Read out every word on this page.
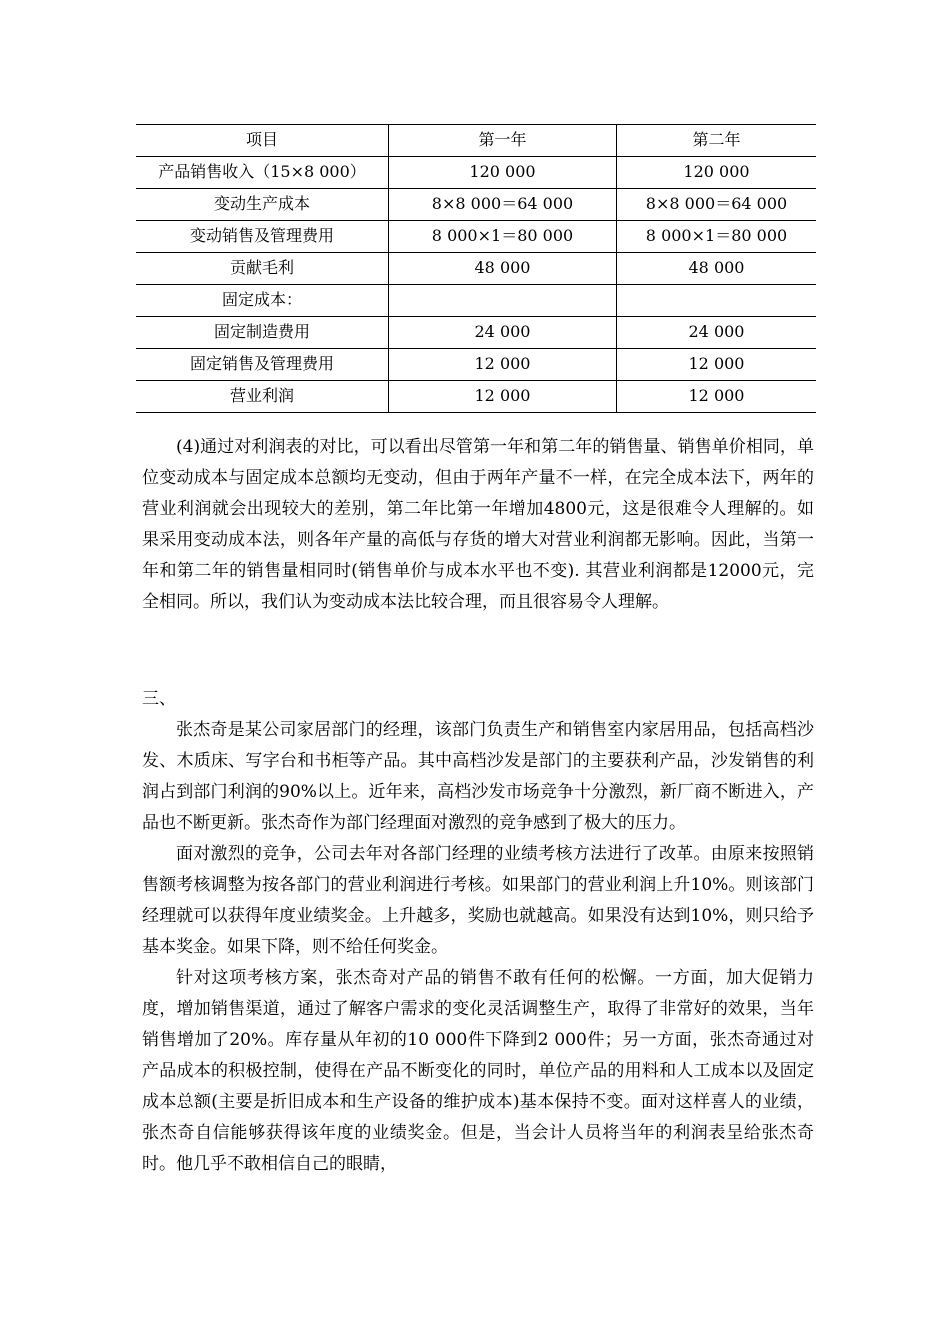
项目	第一年	第二年
产品销售收入（15×8 000）	120 000	120 000
变动生产成本	8×8 000＝64 000	8×8 000＝64 000
变动销售及管理费用	8 000×1＝80 000	8 000×1＝80 000
贡献毛利	48 000	48 000
固定成本：		
固定制造费用	24 000	24 000
固定销售及管理费用	12 000	12 000
营业利润	12 000	12 000

(4)通过对利润表的对比，可以看出尽管第一年和第二年的销售量、销售单价相同，单位变动成本与固定成本总额均无变动，但由于两年产量不一样，在完全成本法下，两年的营业利润就会出现较大的差别，第二年比第一年增加4800元，这是很难令人理解的。如果采用变动成本法，则各年产量的高低与存货的增大对营业利润都无影响。因此，当第一年和第二年的销售量相同时(销售单价与成本水平也不变). 其营业利润都是12000元，完全相同。所以，我们认为变动成本法比较合理，而且很容易令人理解。

三、

张杰奇是某公司家居部门的经理，该部门负责生产和销售室内家居用品，包括高档沙发、木质床、写字台和书柜等产品。其中高档沙发是部门的主要获利产品，沙发销售的利润占到部门利润的90%以上。近年来，高档沙发市场竞争十分激烈，新厂商不断进入，产品也不断更新。张杰奇作为部门经理面对激烈的竞争感到了极大的压力。

面对激烈的竞争，公司去年对各部门经理的业绩考核方法进行了改革。由原来按照销售额考核调整为按各部门的营业利润进行考核。如果部门的营业利润上升10%。则该部门经理就可以获得年度业绩奖金。上升越多，奖励也就越高。如果没有达到10%，则只给予基本奖金。如果下降，则不给任何奖金。

针对这项考核方案，张杰奇对产品的销售不敢有任何的松懈。一方面，加大促销力度，增加销售渠道，通过了解客户需求的变化灵活调整生产，取得了非常好的效果，当年销售增加了20%。库存量从年初的10 000件下降到2 000件；另一方面，张杰奇通过对产品成本的积极控制，使得在产品不断变化的同时，单位产品的用料和人工成本以及固定成本总额(主要是折旧成本和生产设备的维护成本)基本保持不变。面对这样喜人的业绩，张杰奇自信能够获得该年度的业绩奖金。但是，当会计人员将当年的利润表呈给张杰奇时。他几乎不敢相信自己的眼睛，
